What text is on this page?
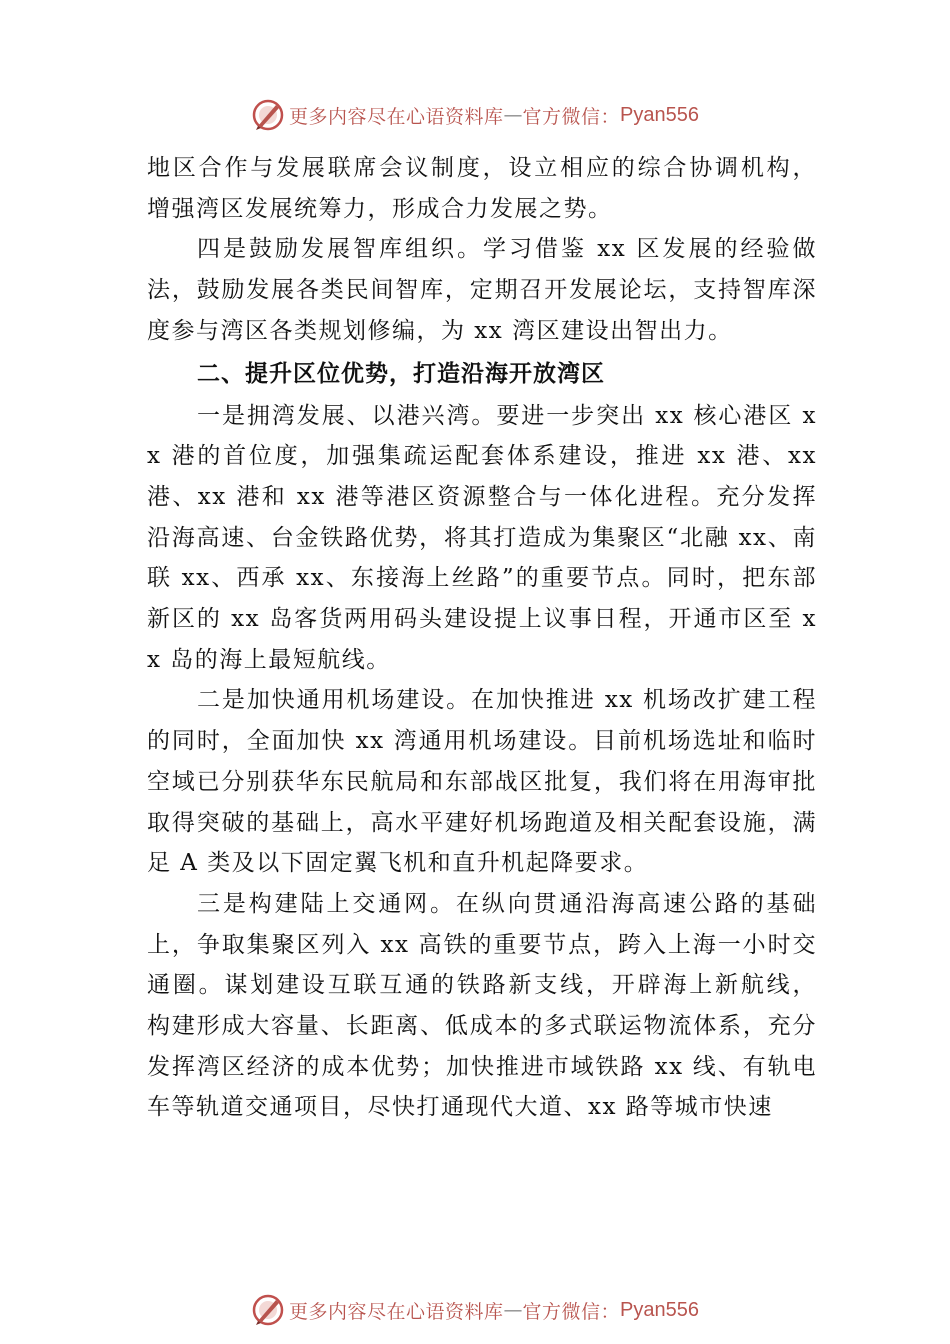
更多内容尽在心语资料库 — 官方微信： Pyan556

地区合作与发展联席会议制度，设立相应的综合协调机构， 增强湾区发展统筹力，形成合力发展之势。

四是鼓励发展智库组织。学习借鉴 xx 区发展的经验做法，鼓励发展各类民间智库，定期召开发展论坛，支持智库深度参与湾区各类规划修编，为 xx 湾区建设出智出力。

二、提升区位优势，打造沿海开放湾区

一是拥湾发展、以港兴湾。要进一步突出 xx 核心港区 xx 港的首位度，加强集疏运配套体系建设，推进 xx 港、xx 港、xx 港和 xx 港等港区资源整合与一体化进程。充分发挥沿海高速、台金铁路优势，将其打造成为集聚区“北融 xx、南联 xx、西承 xx、东接海上丝路”的重要节点。同时，把东部新区的 xx 岛客货两用码头建设提上议事日程，开通市区至 xx 岛的海上最短航线。

二是加快通用机场建设。在加快推进 xx 机场改扩建工程的同时，全面加快 xx 湾通用机场建设。目前机场选址和临时空域已分别获华东民航局和东部战区批复，我们将在用海审批取得突破的基础上，高水平建好机场跑道及相关配套设施，满足 A 类及以下固定翼飞机和直升机起降要求。

三是构建陆上交通网。在纵向贯通沿海高速公路的基础上，争取集聚区列入 xx 高铁的重要节点，跨入上海一小时交通圈。谋划建设互联互通的铁路新支线，开辟海上新航线， 构建形成大容量、长距离、低成本的多式联运物流体系，充分发挥湾区经济的成本优势；加快推进市域铁路 xx 线、有轨电车等轨道交通项目，尽快打通现代大道、xx 路等城市快速

更多内容尽在心语资料库 — 官方微信： Pyan556
